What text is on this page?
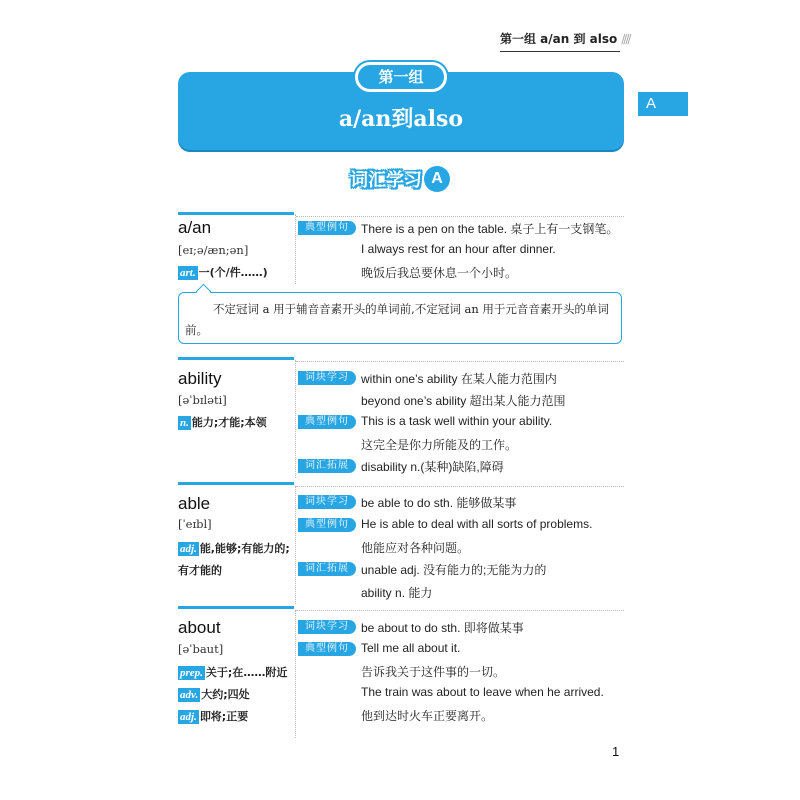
第一组 a/an 到 also ////
A
a/an到also
第一组
词汇学习 A
a/an
[eɪ;ə/æn;ən]
art. 一(个/件……)
典型例句	There is a pen on the table. 桌子上有一支钢笔。
I always rest for an hour after dinner.
晚饭后我总要休息一个小时。
不定冠词 a 用于辅音音素开头的单词前,不定冠词 an 用于元音音素开头的单词前。
ability
[əˈbɪləti]
n. 能力;才能;本领
词块学习	within one’s ability 在某人能力范围内
beyond one’s ability 超出某人能力范围
典型例句	This is a task well within your ability.
这完全是你力所能及的工作。
词汇拓展	disability n.(某种)缺陷,障碍
able
[ˈeɪbl]
adj. 能,能够;有能力的;
有才能的
词块学习	be able to do sth. 能够做某事
典型例句	He is able to deal with all sorts of problems.
他能应对各种问题。
词汇拓展	unable adj. 没有能力的;无能为力的
ability n. 能力
about
[əˈbaut]
prep. 关于;在……附近
adv. 大约;四处
adj. 即将;正要
词块学习	be about to do sth. 即将做某事
典型例句	Tell me all about it.
告诉我关于这件事的一切。
The train was about to leave when he arrived.
他到达时火车正要离开。
1
